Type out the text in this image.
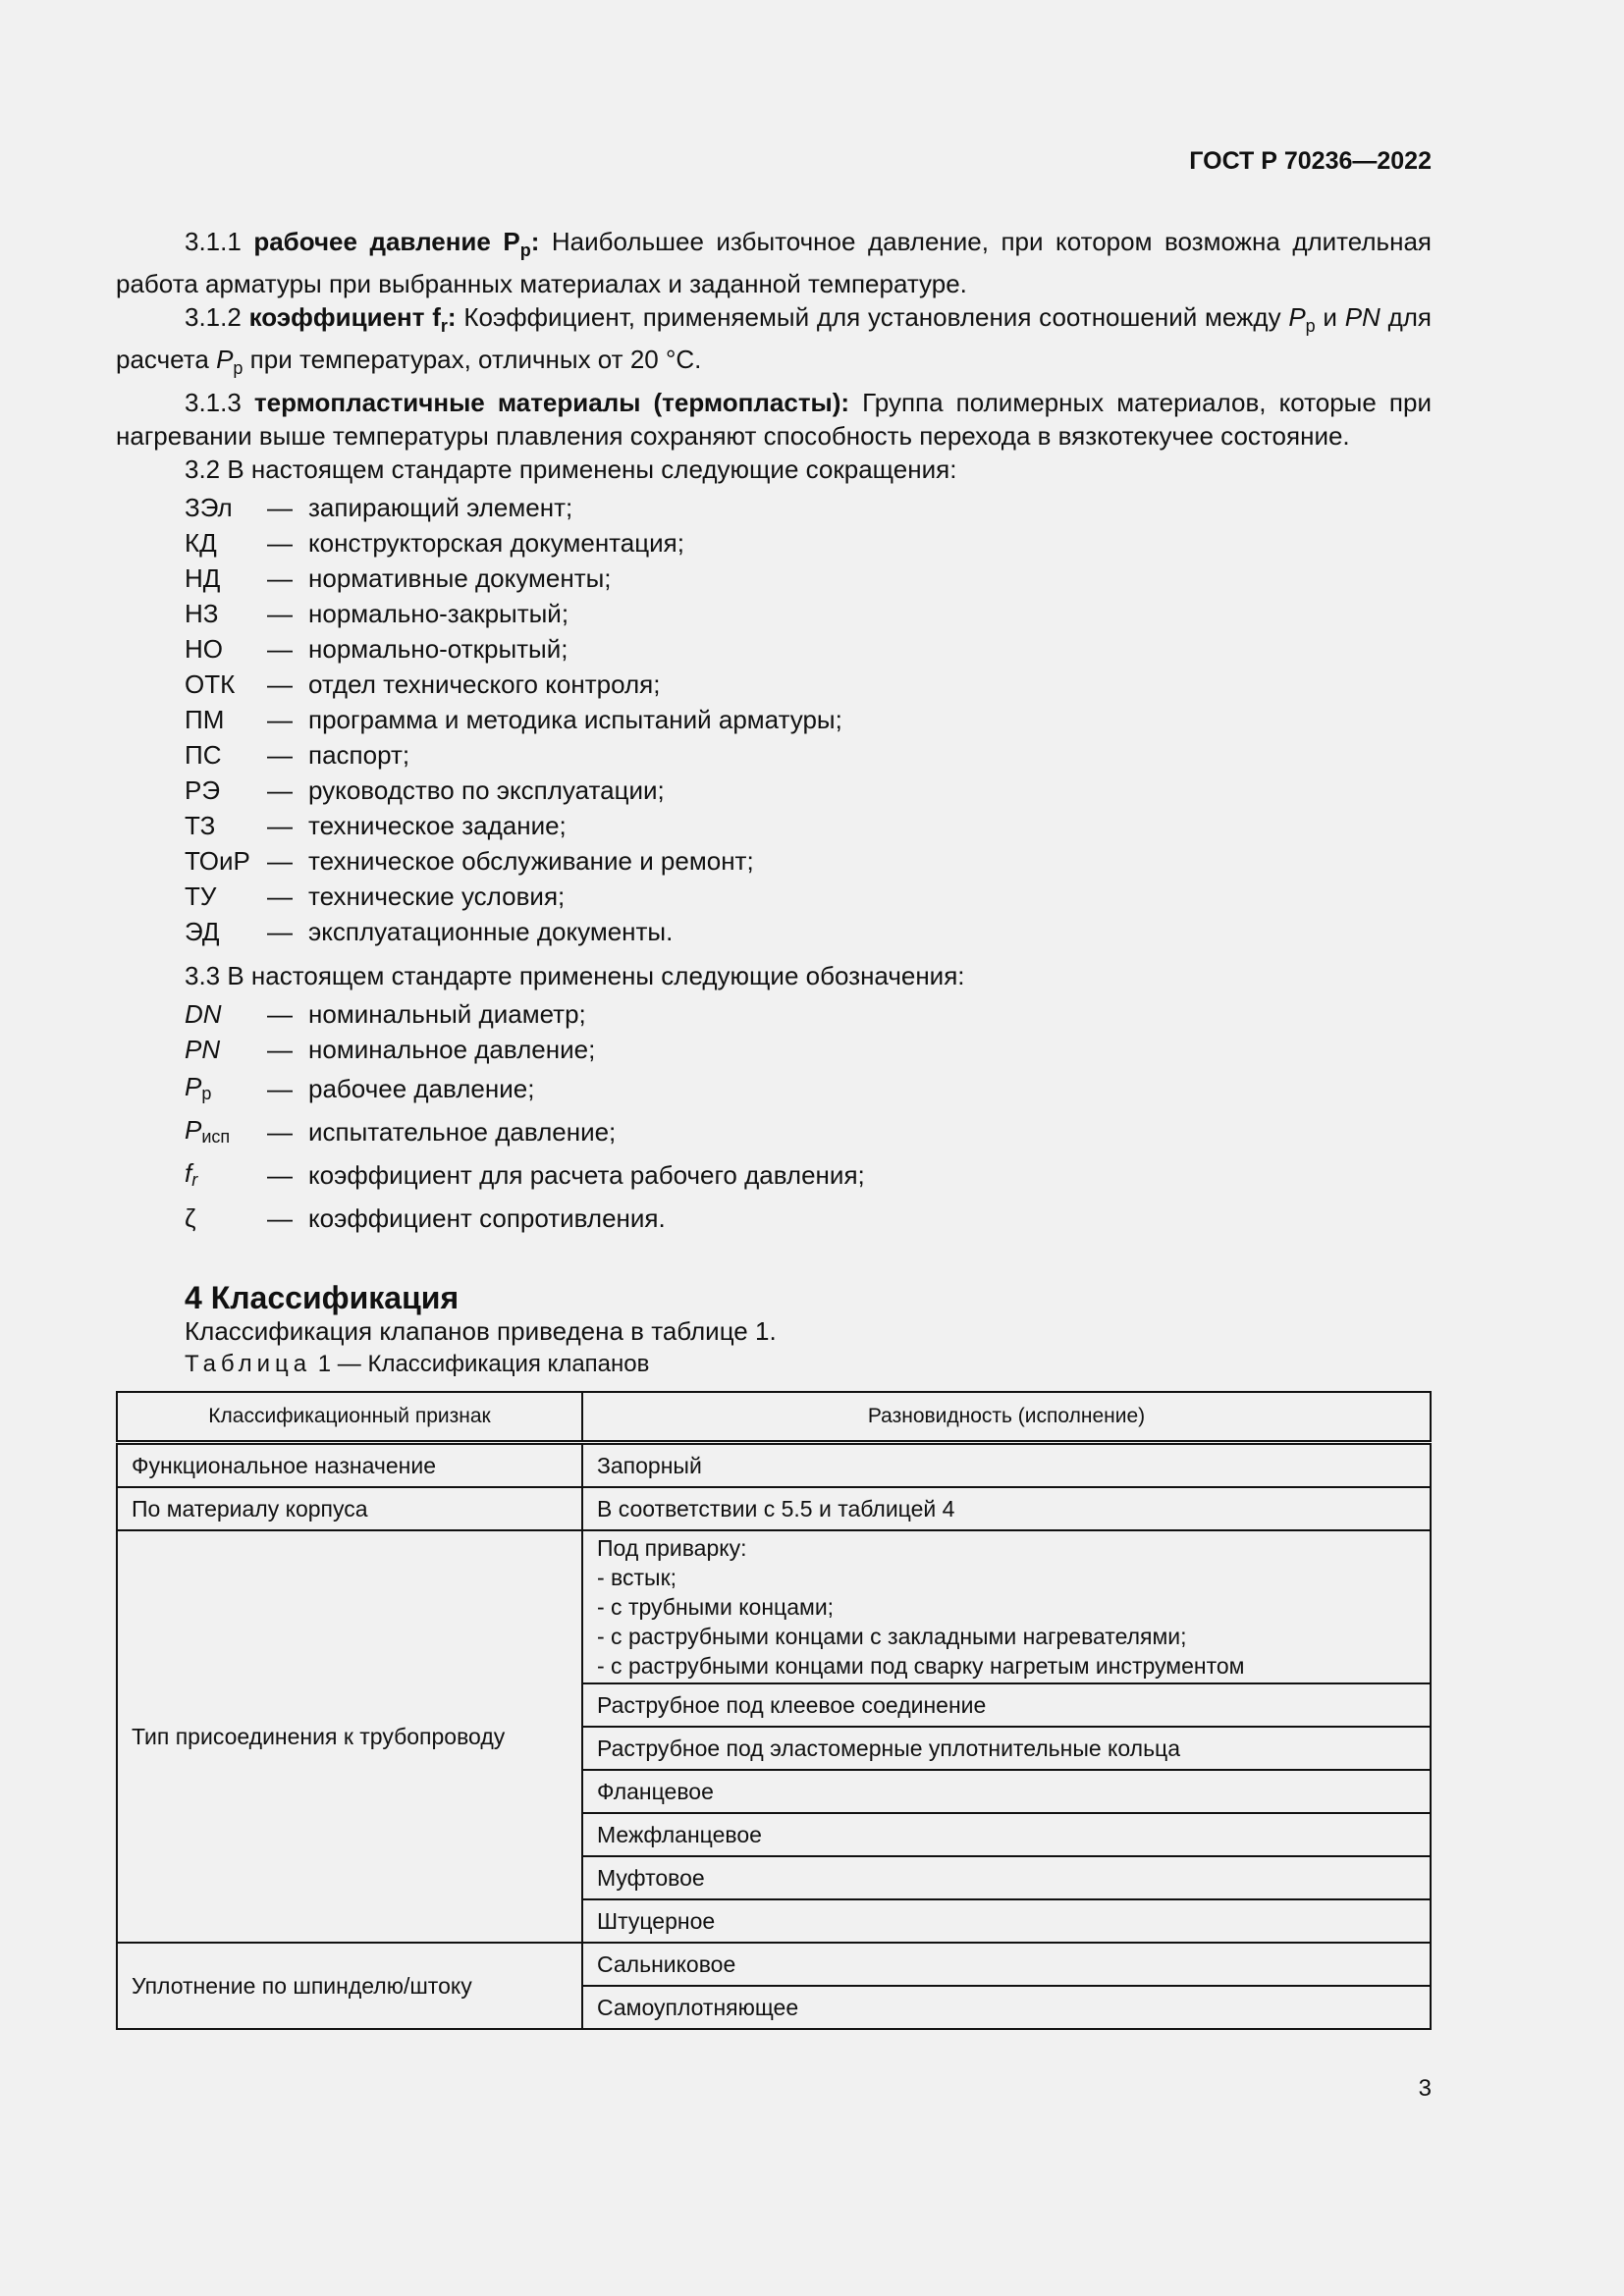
ГОСТ Р 70236—2022

3.1.1 рабочее давление $P_р$: Наибольшее избыточное давление, при котором возможна длительная работа арматуры при выбранных материалах и заданной температуре.

3.1.2 коэффициент $f_r$: Коэффициент, применяемый для установления соотношений между $P_р$ и PN для расчета $P_р$ при температурах, отличных от 20 °С.

3.1.3 термопластичные материалы (термопласты): Группа полимерных материалов, которые при нагревании выше температуры плавления сохраняют способность перехода в вязкотекучее состояние.

3.2 В настоящем стандарте применены следующие сокращения:

ЗЭл	— запирающий элемент;
КД	— конструкторская документация;
НД	— нормативные документы;
НЗ	— нормально-закрытый;
НО	— нормально-открытый;
ОТК	— отдел технического контроля;
ПМ	— программа и методика испытаний арматуры;
ПС	— паспорт;
РЭ	— руководство по эксплуатации;
ТЗ	— техническое задание;
ТОиР — техническое обслуживание и ремонт;
ТУ	— технические условия;
ЭД	— эксплуатационные документы.

3.3 В настоящем стандарте применены следующие обозначения:

DN	— номинальный диаметр;
PN	— номинальное давление;
$P_р$	— рабочее давление;
$P_{исп}$	— испытательное давление;
$f_r$	— коэффициент для расчета рабочего давления;
ζ	— коэффициент сопротивления.
4 Классификация

Классификация клапанов приведена в таблице 1.

Таблица 1 — Классификация клапанов

Классификационный признак	Разновидность (исполнение)
Функциональное назначение	Запорный
По материалу корпуса	В соответствии с 5.5 и таблицей 4
Тип присоединения к трубопроводу	Под приварку:
- встык;
- с трубными концами;
- с раструбными концами с закладными нагревателями;
- с раструбными концами под сварку нагретым инструментом
	Раструбное под клеевое соединение
	Раструбное под эластомерные уплотнительные кольца
	Фланцевое
	Межфланцевое
	Муфтовое
	Штуцерное
Уплотнение по шпинделю/штоку	Сальниковое
	Самоуплотняющее
3
